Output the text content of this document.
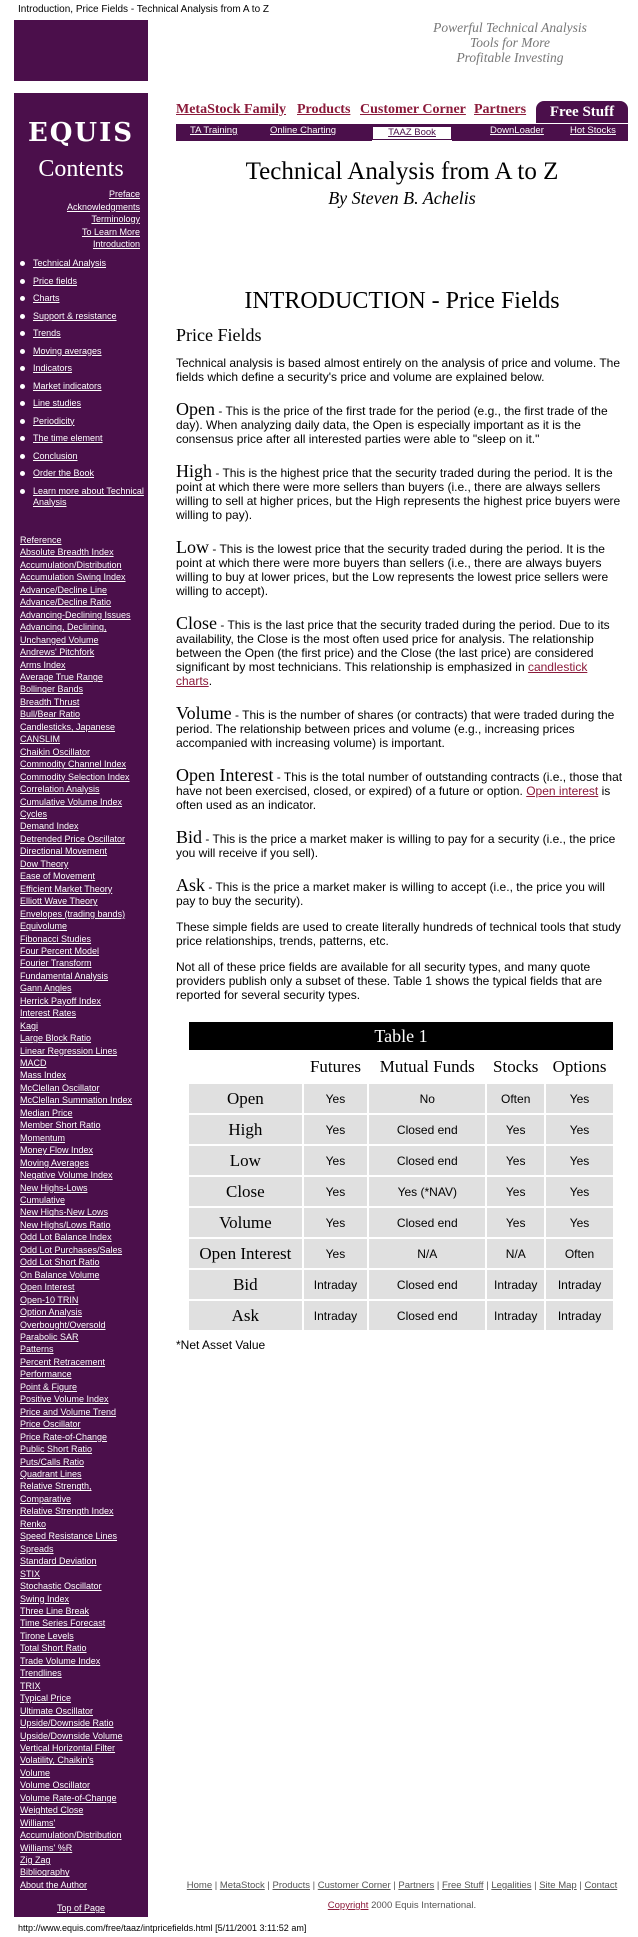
Introduction, Price Fields - Technical Analysis from A to Z
EQUIS
Contents
Preface
Acknowledgments
Terminology
To Learn More
Introduction
Technical Analysis
Price fields
Charts
Support & resistance
Trends
Moving averages
Indicators
Market indicators
Line studies
Periodicity
The time element
Conclusion
Order the Book
Learn more about Technical Analysis
Reference
Absolute Breadth Index
Accumulation/Distribution
Accumulation Swing Index
Advance/Decline Line
Advance/Decline Ratio
Advancing-Declining Issues
Advancing, Declining,
Unchanged Volume
Andrews' Pitchfork
Arms Index
Average True Range
Bollinger Bands
Breadth Thrust
Bull/Bear Ratio
Candlesticks, Japanese
CANSLIM
Chaikin Oscillator
Commodity Channel Index
Commodity Selection Index
Correlation Analysis
Cumulative Volume Index
Cycles
Demand Index
Detrended Price Oscillator
Directional Movement
Dow Theory
Ease of Movement
Efficient Market Theory
Elliott Wave Theory
Envelopes (trading bands)
Equivolume
Fibonacci Studies
Four Percent Model
Fourier Transform
Fundamental Analysis
Gann Angles
Herrick Payoff Index
Interest Rates
Kagi
Large Block Ratio
Linear Regression Lines
MACD
Mass Index
McClellan Oscillator
McClellan Summation Index
Median Price
Member Short Ratio
Momentum
Money Flow Index
Moving Averages
Negative Volume Index
New Highs-Lows
Cumulative
New Highs-New Lows
New Highs/Lows Ratio
Odd Lot Balance Index
Odd Lot Purchases/Sales
Odd Lot Short Ratio
On Balance Volume
Open Interest
Open-10 TRIN
Option Analysis
Overbought/Oversold
Parabolic SAR
Patterns
Percent Retracement
Performance
Point & Figure
Positive Volume Index
Price and Volume Trend
Price Oscillator
Price Rate-of-Change
Public Short Ratio
Puts/Calls Ratio
Quadrant Lines
Relative Strength,
Comparative
Relative Strength Index
Renko
Speed Resistance Lines
Spreads
Standard Deviation
STIX
Stochastic Oscillator
Swing Index
Three Line Break
Time Series Forecast
Tirone Levels
Total Short Ratio
Trade Volume Index
Trendlines
TRIX
Typical Price
Ultimate Oscillator
Upside/Downside Ratio
Upside/Downside Volume
Vertical Horizontal Filter
Volatility, Chaikin's
Volume
Volume Oscillator
Volume Rate-of-Change
Weighted Close
Williams'
Accumulation/Distribution
Williams' %R
Zig Zag
Bibliography
About the Author
Top of Page
Powerful Technical Analysis
Tools for More
Profitable Investing
MetaStock Family Products Customer Corner Partners	Free Stuff
TA Training	Online Charting	TAAZ Book	DownLoader	Hot Stocks
Technical Analysis from A to Z
By Steven B. Achelis
INTRODUCTION - Price Fields
Price Fields

Technical analysis is based almost entirely on the analysis of price and volume. The fields which define a security's price and volume are explained below.

Open - This is the price of the first trade for the period (e.g., the first trade of the day). When analyzing daily data, the Open is especially important as it is the consensus price after all interested parties were able to "sleep on it."

High - This is the highest price that the security traded during the period. It is the point at which there were more sellers than buyers (i.e., there are always sellers willing to sell at higher prices, but the High represents the highest price buyers were willing to pay).

Low - This is the lowest price that the security traded during the period. It is the point at which there were more buyers than sellers (i.e., there are always buyers willing to buy at lower prices, but the Low represents the lowest price sellers were willing to accept).

Close - This is the last price that the security traded during the period. Due to its availability, the Close is the most often used price for analysis. The relationship between the Open (the first price) and the Close (the last price) are considered significant by most technicians. This relationship is emphasized in candlestick charts.

Volume - This is the number of shares (or contracts) that were traded during the period. The relationship between prices and volume (e.g., increasing prices accompanied with increasing volume) is important.

Open Interest - This is the total number of outstanding contracts (i.e., those that have not been exercised, closed, or expired) of a future or option. Open interest is often used as an indicator.

Bid - This is the price a market maker is willing to pay for a security (i.e., the price you will receive if you sell).

Ask - This is the price a market maker is willing to accept (i.e., the price you will pay to buy the security).

These simple fields are used to create literally hundreds of technical tools that study price relationships, trends, patterns, etc.

Not all of these price fields are available for all security types, and many quote providers publish only a subset of these. Table 1 shows the typical fields that are reported for several security types.

Table 1				
	Futures	Mutual Funds	Stocks	Options
Open	Yes	No	Often	Yes
High	Yes	Closed end	Yes	Yes
Low	Yes	Closed end	Yes	Yes
Close	Yes	Yes (*NAV)	Yes	Yes
Volume	Yes	Closed end	Yes	Yes
Open Interest	Yes	N/A	N/A	Often
Bid	Intraday	Closed end	Intraday	Intraday
Ask	Intraday	Closed end	Intraday	Intraday
*Net Asset Value
Home | MetaStock | Products | Customer Corner | Partners | Free Stuff | Legalities | Site Map | Contact
Copyright 2000 Equis International.
http://www.equis.com/free/taaz/intpricefields.html [5/11/2001 3:11:52 am]
